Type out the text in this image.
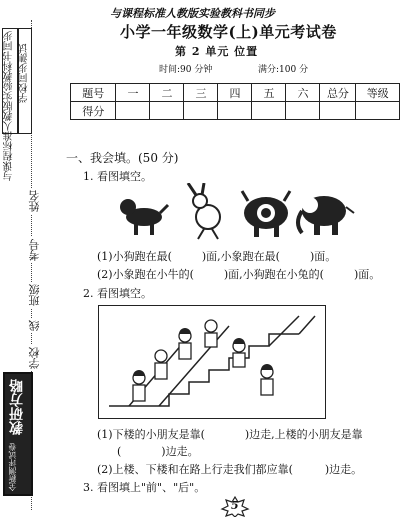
与课程标准人教版实验教科书同步 学校同步测试
姓名
考号
班级
学校
线
教研方略
全新测评试卷
与课程标准人教版实验教科书同步
小学一年级数学(上)单元考试卷
第 2 单元 位置
时间:90 分钟	满分:100 分
题号	一	二	三	四	五	六	总分	等级
得分								
一、我会填。(50 分)
1. 看图填空。
(1)小狗跑在最(	)面,小象跑在最(	)面。
(2)小象跑在小牛的(	)面,小狗跑在小兔的(	)面。
2. 看图填空。
(1)下楼的小朋友是靠(	)边走,上楼的小朋友是靠
(	)边走。
(2)上楼、下楼和在路上行走我们都应靠(	)边走。
3. 看图填上"前"、"后"。
5
